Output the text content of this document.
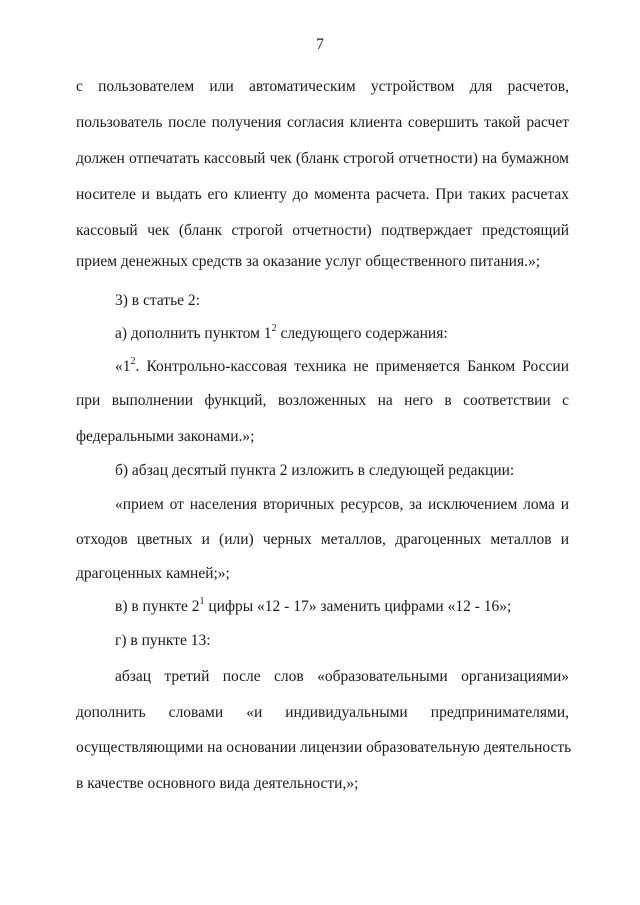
7
с пользователем или автоматическим устройством для расчетов,
пользователь после получения согласия клиента совершить такой расчет
должен отпечатать кассовый чек (бланк строгой отчетности) на бумажном
носителе и выдать его клиенту до момента расчета. При таких расчетах
кассовый чек (бланк строгой отчетности) подтверждает предстоящий
прием денежных средств за оказание услуг общественного питания.»;
3) в статье 2:
а) дополнить пунктом $1^2$ следующего содержания:
«$1^2$. Контрольно-кассовая техника не применяется Банком России
при выполнении функций, возложенных на него в соответствии с
федеральными законами.»;
б) абзац десятый пункта 2 изложить в следующей редакции:
«прием от населения вторичных ресурсов, за исключением лома и
отходов цветных и (или) черных металлов, драгоценных металлов и
драгоценных камней;»;
в) в пункте $2^1$ цифры «12 - 17» заменить цифрами «12 - 16»;
г) в пункте 13:
абзац третий после слов «образовательными организациями»
дополнить словами «и индивидуальными предпринимателями,
осуществляющими на основании лицензии образовательную деятельность
в качестве основного вида деятельности,»;
